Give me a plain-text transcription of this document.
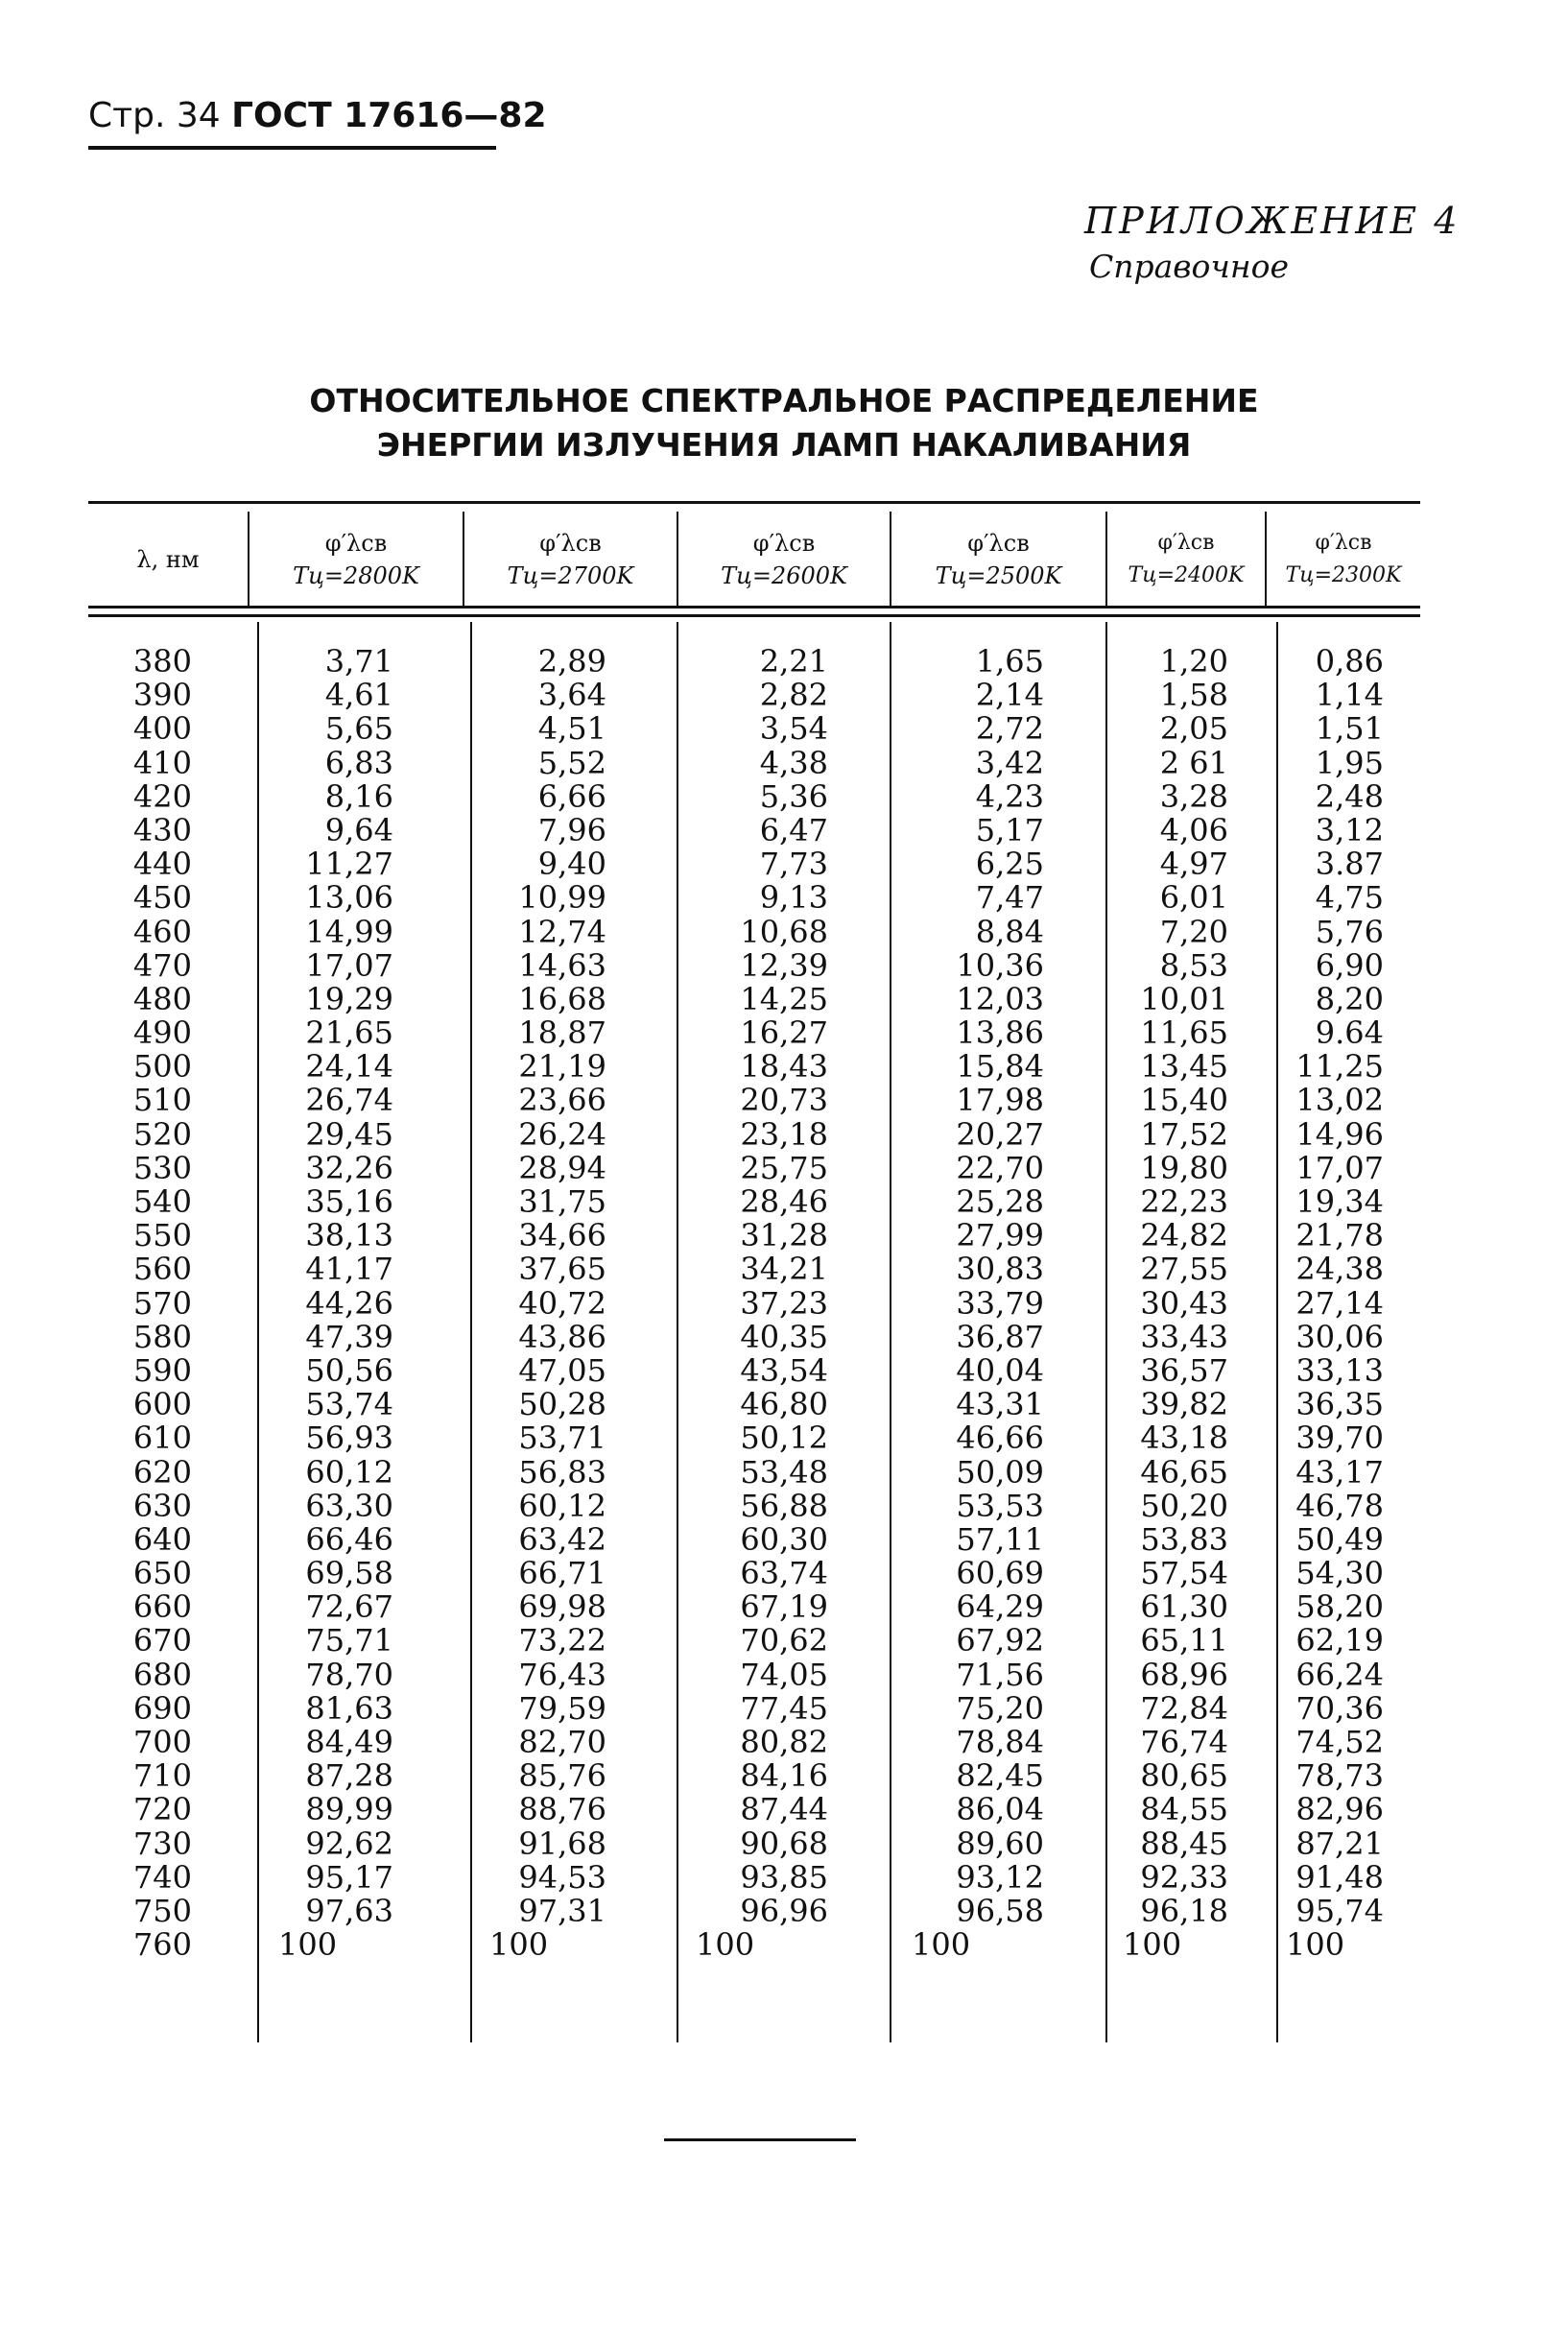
Стр. 34 ГОСТ 17616—82
ПРИЛОЖЕНИЕ 4
Справочное
ОТНОСИТЕЛЬНОЕ СПЕКТРАЛЬНОЕ РАСПРЕДЕЛЕНИЕ
ЭНЕРГИИ ИЗЛУЧЕНИЯ ЛАМП НАКАЛИВАНИЯ
λ, нм
φ′λсв
Tц=2800K
φ′λсв
Tц=2700K
φ′λсв
Tц=2600K
φ′λсв
Tц=2500K
φ′λсв
Tц=2400K
φ′λсв
Tц=2300K
380
390
400
410
420
430
440
450
460
470
480
490
500
510
520
530
540
550
560
570
580
590
600
610
620
630
640
650
660
670
680
690
700
710
720
730
740
750
760
3,71
4,61
5,65
6,83
8,16
9,64
11,27
13,06
14,99
17,07
19,29
21,65
24,14
26,74
29,45
32,26
35,16
38,13
41,17
44,26
47,39
50,56
53,74
56,93
60,12
63,30
66,46
69,58
72,67
75,71
78,70
81,63
84,49
87,28
89,99
92,62
95,17
97,63
100
2,89
3,64
4,51
5,52
6,66
7,96
9,40
10,99
12,74
14,63
16,68
18,87
21,19
23,66
26,24
28,94
31,75
34,66
37,65
40,72
43,86
47,05
50,28
53,71
56,83
60,12
63,42
66,71
69,98
73,22
76,43
79,59
82,70
85,76
88,76
91,68
94,53
97,31
100
2,21
2,82
3,54
4,38
5,36
6,47
7,73
9,13
10,68
12,39
14,25
16,27
18,43
20,73
23,18
25,75
28,46
31,28
34,21
37,23
40,35
43,54
46,80
50,12
53,48
56,88
60,30
63,74
67,19
70,62
74,05
77,45
80,82
84,16
87,44
90,68
93,85
96,96
100
1,65
2,14
2,72
3,42
4,23
5,17
6,25
7,47
8,84
10,36
12,03
13,86
15,84
17,98
20,27
22,70
25,28
27,99
30,83
33,79
36,87
40,04
43,31
46,66
50,09
53,53
57,11
60,69
64,29
67,92
71,56
75,20
78,84
82,45
86,04
89,60
93,12
96,58
100
1,20
1,58
2,05
2 61
3,28
4,06
4,97
6,01
7,20
8,53
10,01
11,65
13,45
15,40
17,52
19,80
22,23
24,82
27,55
30,43
33,43
36,57
39,82
43,18
46,65
50,20
53,83
57,54
61,30
65,11
68,96
72,84
76,74
80,65
84,55
88,45
92,33
96,18
100
0,86
1,14
1,51
1,95
2,48
3,12
3.87
4,75
5,76
6,90
8,20
9.64
11,25
13,02
14,96
17,07
19,34
21,78
24,38
27,14
30,06
33,13
36,35
39,70
43,17
46,78
50,49
54,30
58,20
62,19
66,24
70,36
74,52
78,73
82,96
87,21
91,48
95,74
100
